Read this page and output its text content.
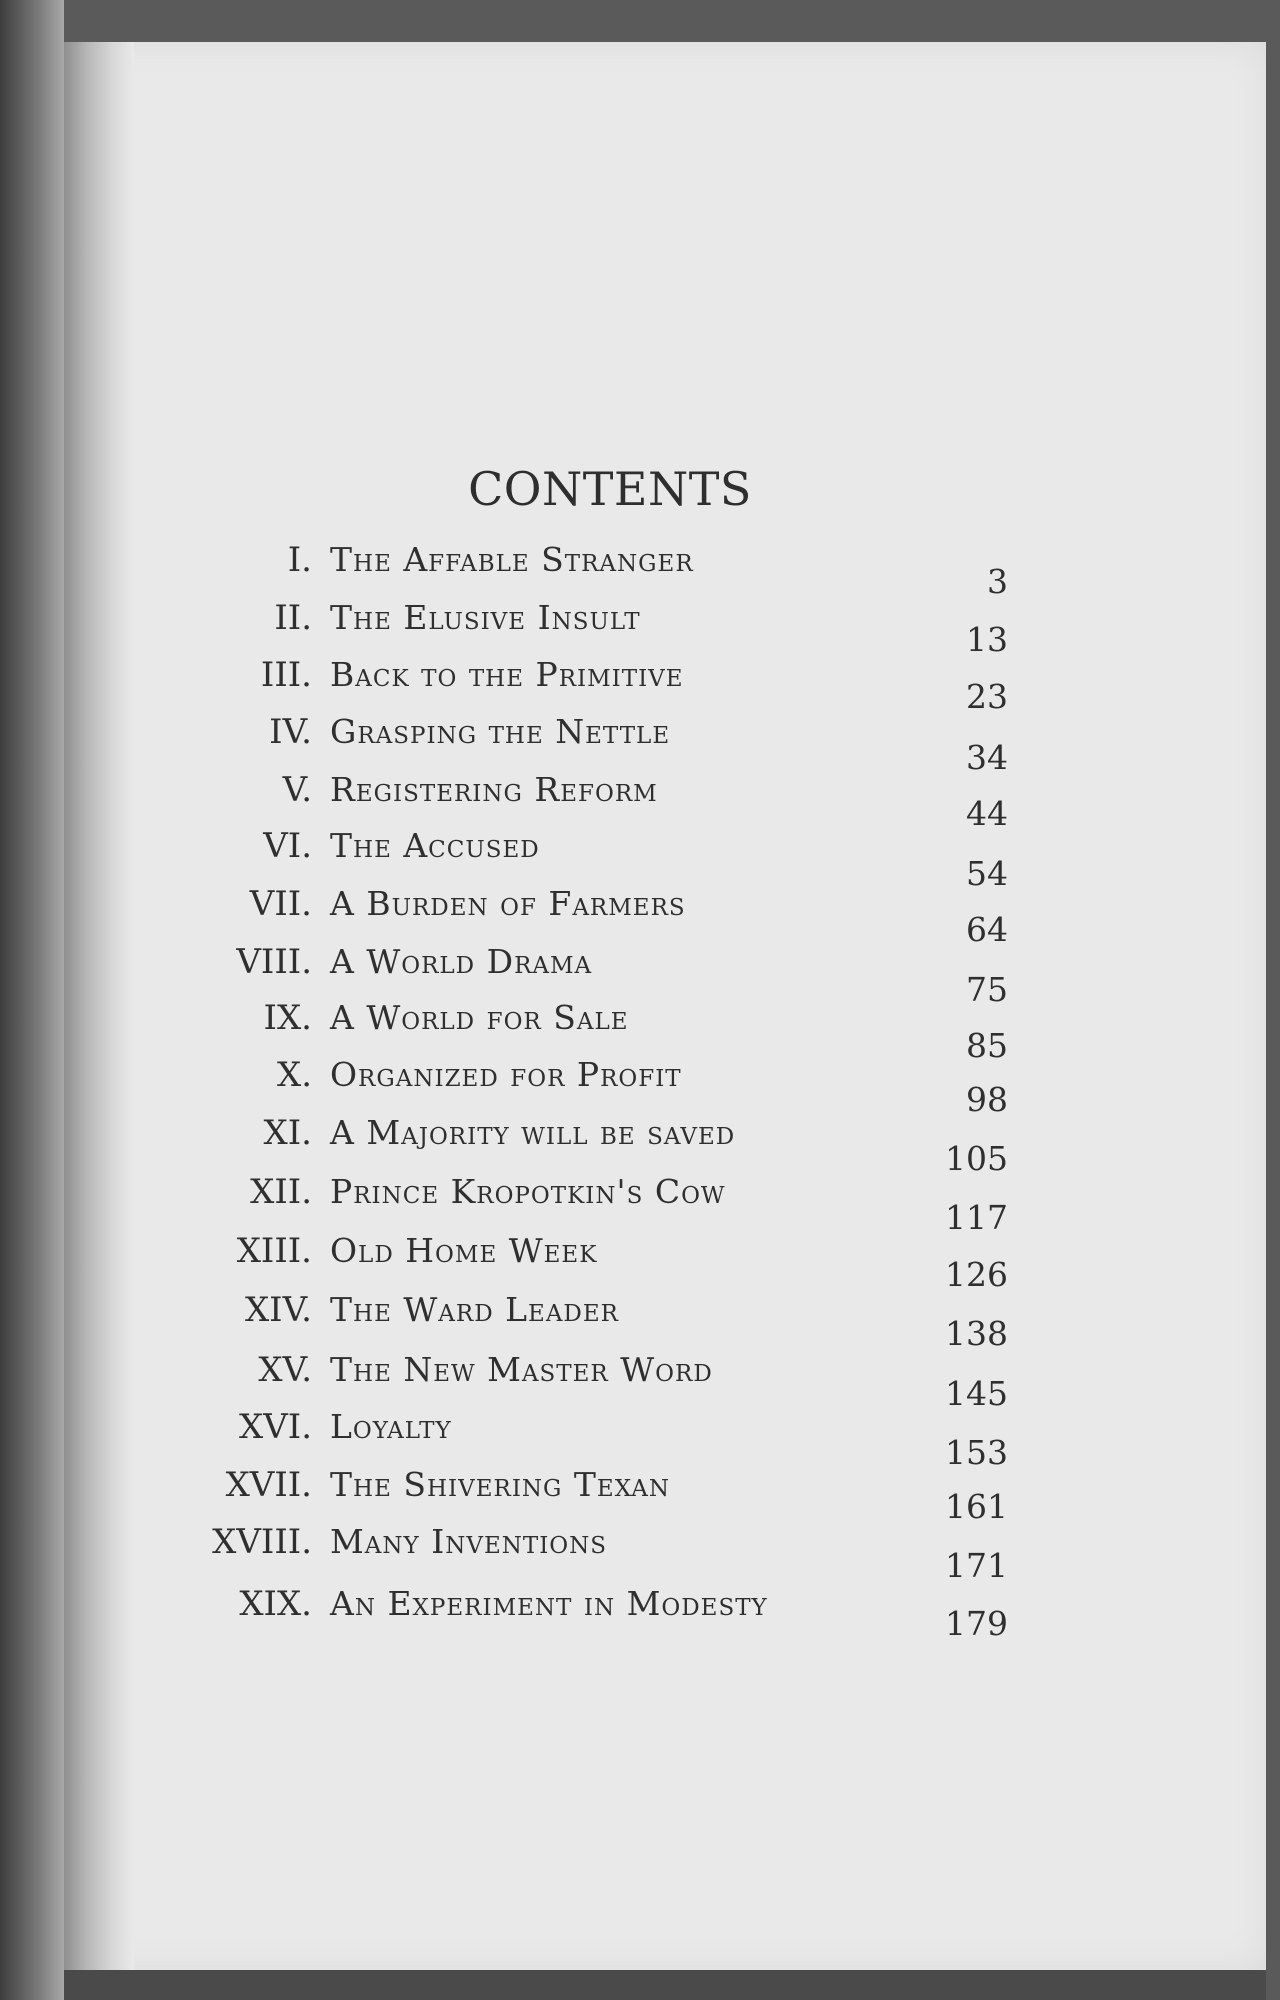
CONTENTS
I. The Affable Stranger
3
II. The Elusive Insult
13
III. Back to the Primitive
23
IV. Grasping the Nettle
34
V. Registering Reform
44
VI. The Accused
54
VII. A Burden of Farmers
64
VIII. A World Drama
75
IX. A World for Sale
85
X. Organized for Profit
98
XI. A Majority will be saved
105
XII. Prince Kropotkin's Cow
117
XIII. Old Home Week
126
XIV. The Ward Leader
138
XV. The New Master Word
145
XVI. Loyalty
153
XVII. The Shivering Texan
161
XVIII. Many Inventions
171
XIX. An Experiment in Modesty
179
